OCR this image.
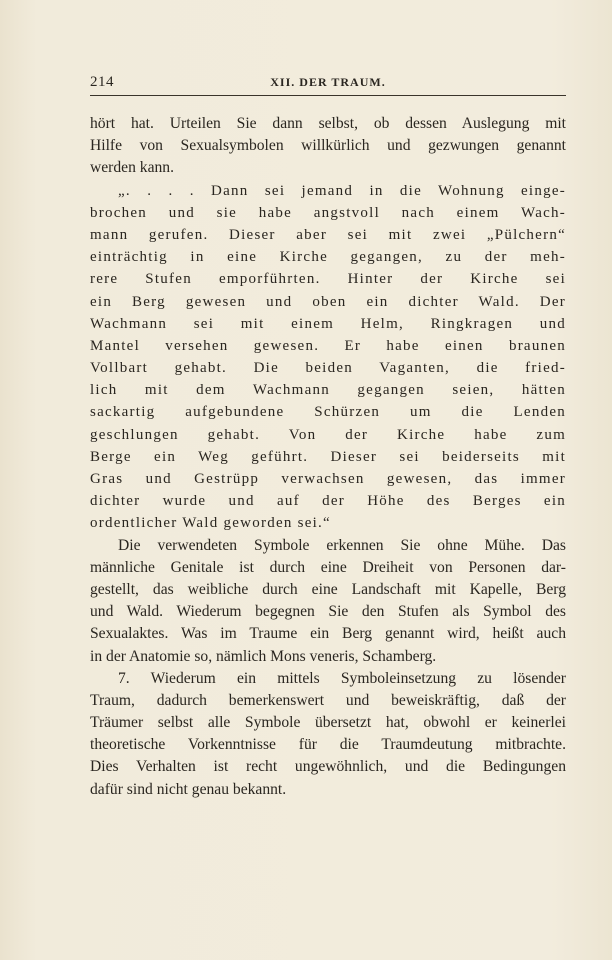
214	XII. DER TRAUM.
hört hat. Urteilen Sie dann selbst, ob dessen Auslegung mit
Hilfe von Sexualsymbolen willkürlich und gezwungen genannt
werden kann.
„. . . . Dann sei jemand in die Wohnung einge-
brochen und sie habe angstvoll nach einem Wach-
mann gerufen. Dieser aber sei mit zwei „Pülchern“
einträchtig in eine Kirche gegangen, zu der meh-
rere Stufen emporführten. Hinter der Kirche sei
ein Berg gewesen und oben ein dichter Wald. Der
Wachmann sei mit einem Helm, Ringkragen und
Mantel versehen gewesen. Er habe einen braunen
Vollbart gehabt. Die beiden Vaganten, die fried-
lich mit dem Wachmann gegangen seien, hätten
sackartig aufgebundene Schürzen um die Lenden
geschlungen gehabt. Von der Kirche habe zum
Berge ein Weg geführt. Dieser sei beiderseits mit
Gras und Gestrüpp verwachsen gewesen, das immer
dichter wurde und auf der Höhe des Berges ein
ordentlicher Wald geworden sei.“
Die verwendeten Symbole erkennen Sie ohne Mühe. Das
männliche Genitale ist durch eine Dreiheit von Personen dar-
gestellt, das weibliche durch eine Landschaft mit Kapelle, Berg
und Wald. Wiederum begegnen Sie den Stufen als Symbol des
Sexualaktes. Was im Traume ein Berg genannt wird, heißt auch
in der Anatomie so, nämlich Mons veneris, Schamberg.
7. Wiederum ein mittels Symboleinsetzung zu lösender
Traum, dadurch bemerkenswert und beweiskräftig, daß der
Träumer selbst alle Symbole übersetzt hat, obwohl er keinerlei
theoretische Vorkenntnisse für die Traumdeutung mitbrachte.
Dies Verhalten ist recht ungewöhnlich, und die Bedingungen
dafür sind nicht genau bekannt.
